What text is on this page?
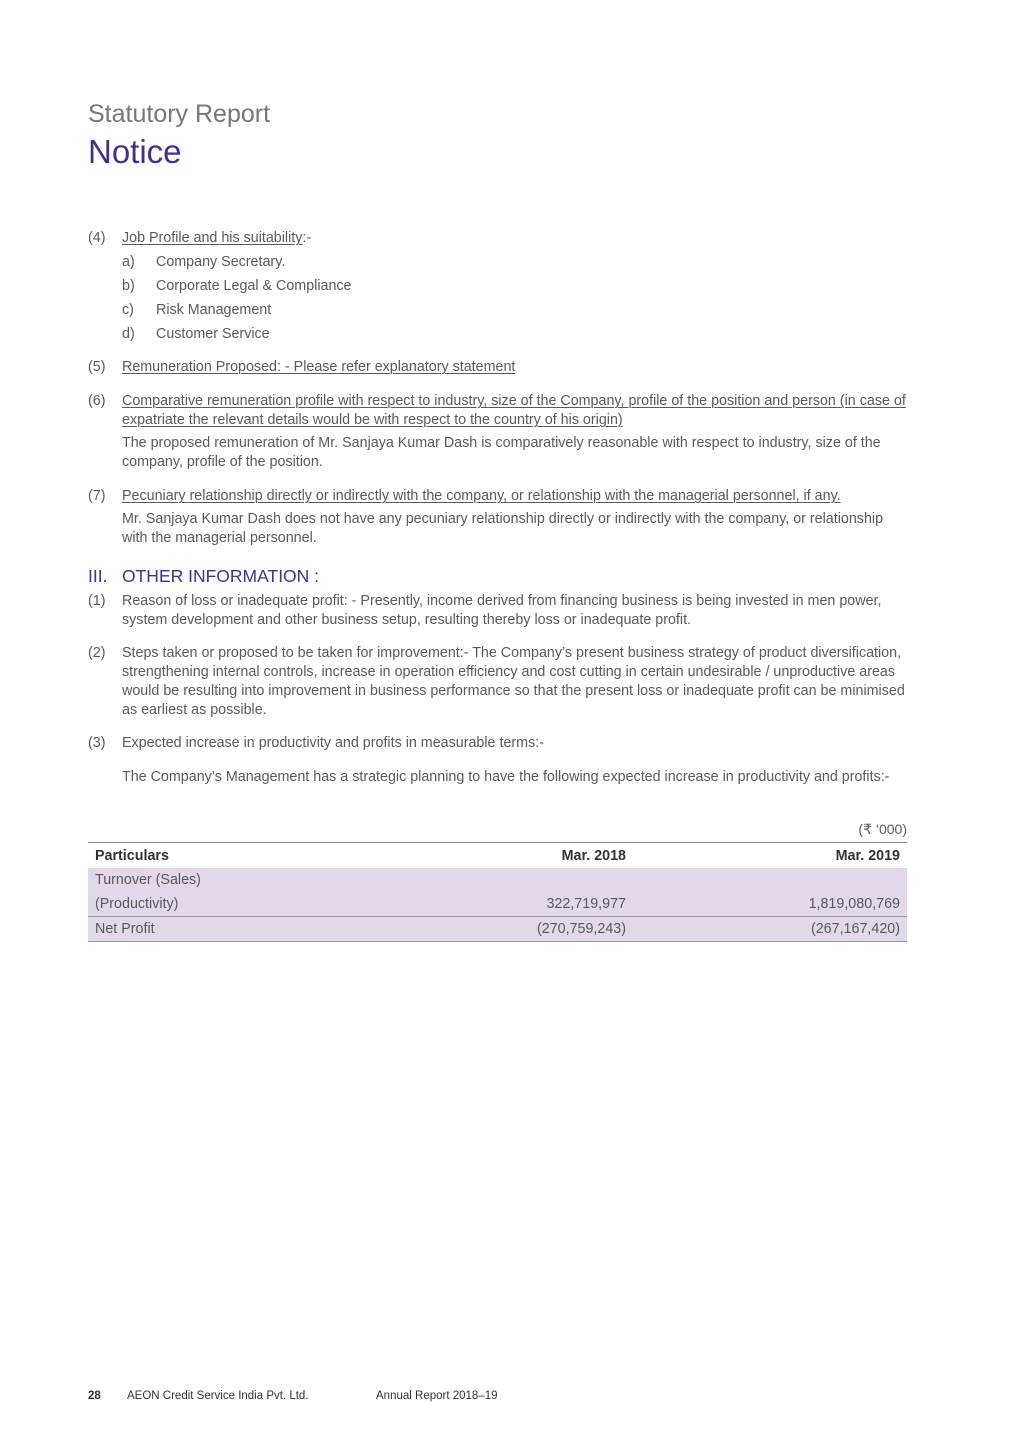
Statutory Report
Notice
(4)	Job Profile and his suitability:-
a)	Company Secretary.
b)	Corporate Legal & Compliance
c)	Risk Management
d)	Customer Service
(5)	Remuneration Proposed: - Please refer explanatory statement
(6)	Comparative remuneration profile with respect to industry, size of the Company, profile of the position and person (in case of expatriate the relevant details would be with respect to the country of his origin)
The proposed remuneration of Mr. Sanjaya Kumar Dash is comparatively reasonable with respect to industry, size of the company, profile of the position.
(7)	Pecuniary relationship directly or indirectly with the company, or relationship with the managerial personnel, if any.
Mr. Sanjaya Kumar Dash does not have any pecuniary relationship directly or indirectly with the company, or relationship with the managerial personnel.
III. OTHER INFORMATION :
(1)	Reason of loss or inadequate profit: - Presently, income derived from financing business is being invested in men power, system development and other business setup, resulting thereby loss or inadequate profit.
(2)	Steps taken or proposed to be taken for improvement:- The Company’s present business strategy of product diversification, strengthening internal controls, increase in operation efficiency and cost cutting in certain undesirable / unproductive areas would be resulting into improvement in business performance so that the present loss or inadequate profit can be minimised as earliest as possible.
(3)	Expected increase in productivity and profits in measurable terms:-
The Company’s Management has a strategic planning to have the following expected increase in productivity and profits:-
(₹ ‘000)
Particulars	Mar. 2018	Mar. 2019
Turnover (Sales)		
(Productivity)	322,719,977	1,819,080,769
Net Profit	(270,759,243)	(267,167,420)
28 AEON Credit Service India Pvt. Ltd.	Annual Report 2018–19
